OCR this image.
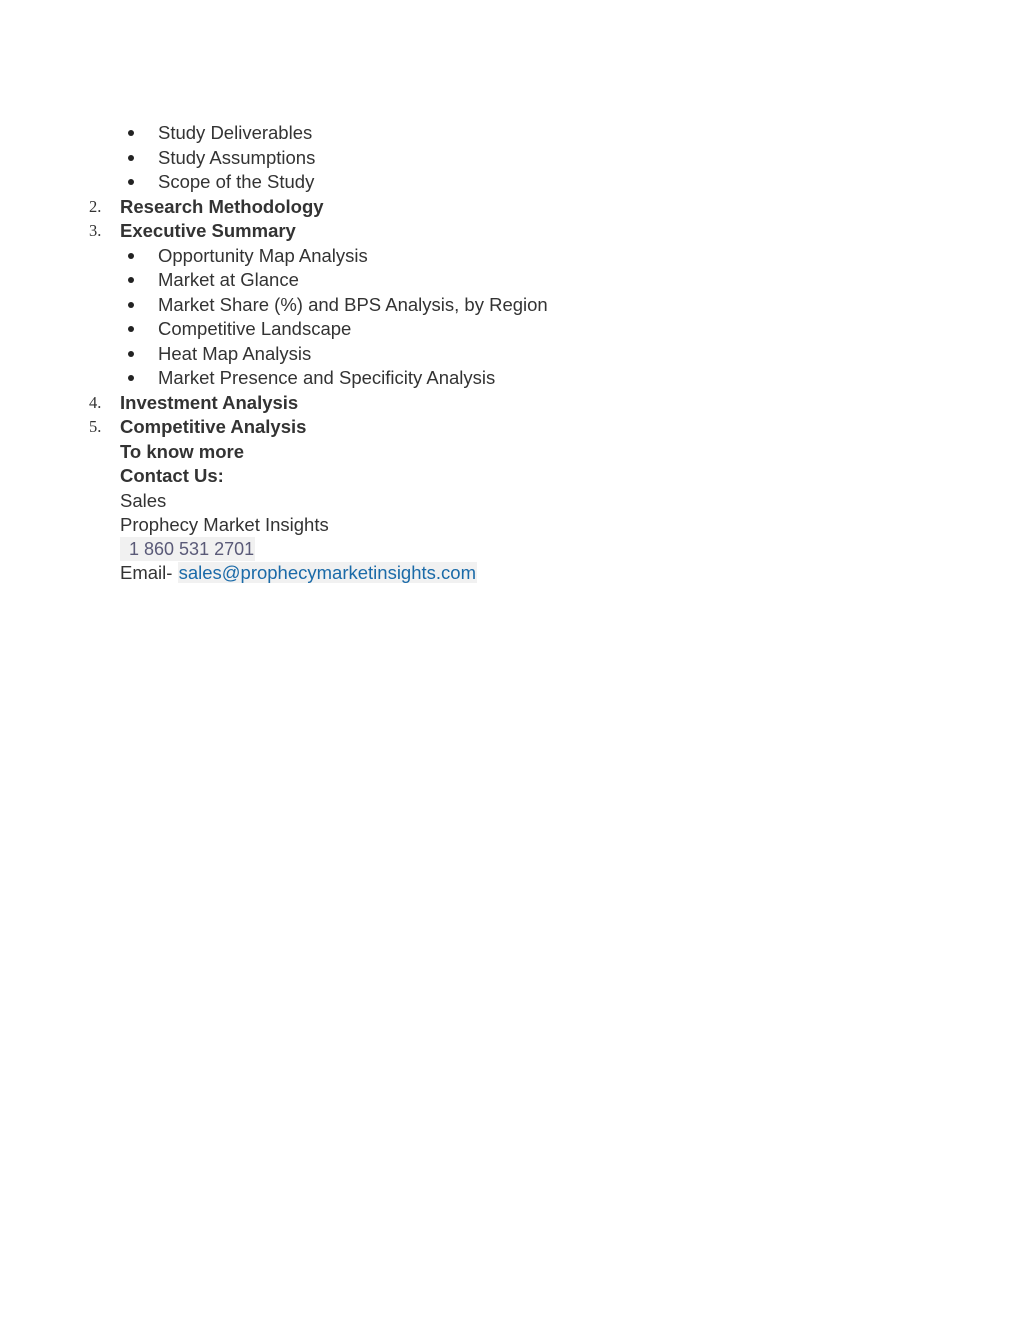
Study Deliverables
Study Assumptions
Scope of the Study
2. Research Methodology
3. Executive Summary
Opportunity Map Analysis
Market at Glance
Market Share (%) and BPS Analysis, by Region
Competitive Landscape
Heat Map Analysis
Market Presence and Specificity Analysis
4. Investment Analysis
5. Competitive Analysis
To know more
Contact Us:
Sales
Prophecy Market Insights
1 860 531 2701
Email- sales@prophecymarketinsights.com
